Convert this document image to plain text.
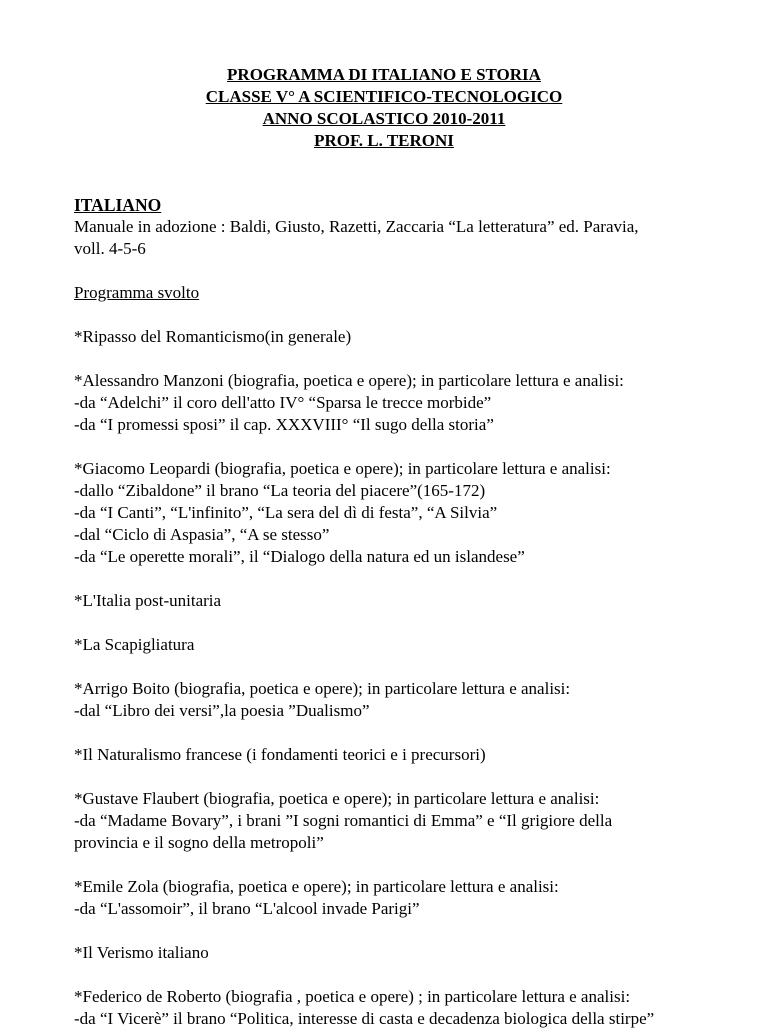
PROGRAMMA DI ITALIANO E STORIA
CLASSE V° A SCIENTIFICO-TECNOLOGICO
ANNO SCOLASTICO 2010-2011
PROF. L. TERONI
ITALIANO
Manuale in adozione : Baldi, Giusto, Razetti, Zaccaria “La letteratura” ed. Paravia,
voll. 4-5-6
Programma svolto
*Ripasso del Romanticismo(in generale)
*Alessandro Manzoni (biografia, poetica e opere); in particolare lettura e analisi:
-da “Adelchi” il coro dell'atto IV° “Sparsa le trecce morbide”
-da “I promessi sposi” il cap. XXXVIII° “Il sugo della storia”
*Giacomo Leopardi (biografia, poetica e opere); in particolare lettura e analisi:
-dallo “Zibaldone” il brano “La teoria del piacere”(165-172)
-da “I Canti”, “L'infinito”, “La sera del dì di festa”, “A Silvia”
-dal “Ciclo di Aspasia”, “A se stesso”
-da “Le operette morali”, il “Dialogo della natura ed un islandese”
*L'Italia post-unitaria
*La Scapigliatura
*Arrigo Boito (biografia, poetica e opere); in particolare lettura e analisi:
-dal “Libro dei versi”,la poesia ”Dualismo”
*Il Naturalismo francese (i fondamenti teorici e i precursori)
*Gustave Flaubert (biografia, poetica e opere); in particolare lettura e analisi:
-da “Madame Bovary”, i brani ”I sogni romantici di Emma” e “Il grigiore della
provincia e il sogno della metropoli”
*Emile Zola (biografia, poetica e opere); in particolare lettura e analisi:
-da “L'assomoir”, il brano “L'alcool invade Parigi”
*Il Verismo italiano
*Federico de Roberto (biografia , poetica e opere) ; in particolare lettura e analisi:
-da “I Vicerè” il brano “Politica, interesse di casta e decadenza biologica della stirpe”
